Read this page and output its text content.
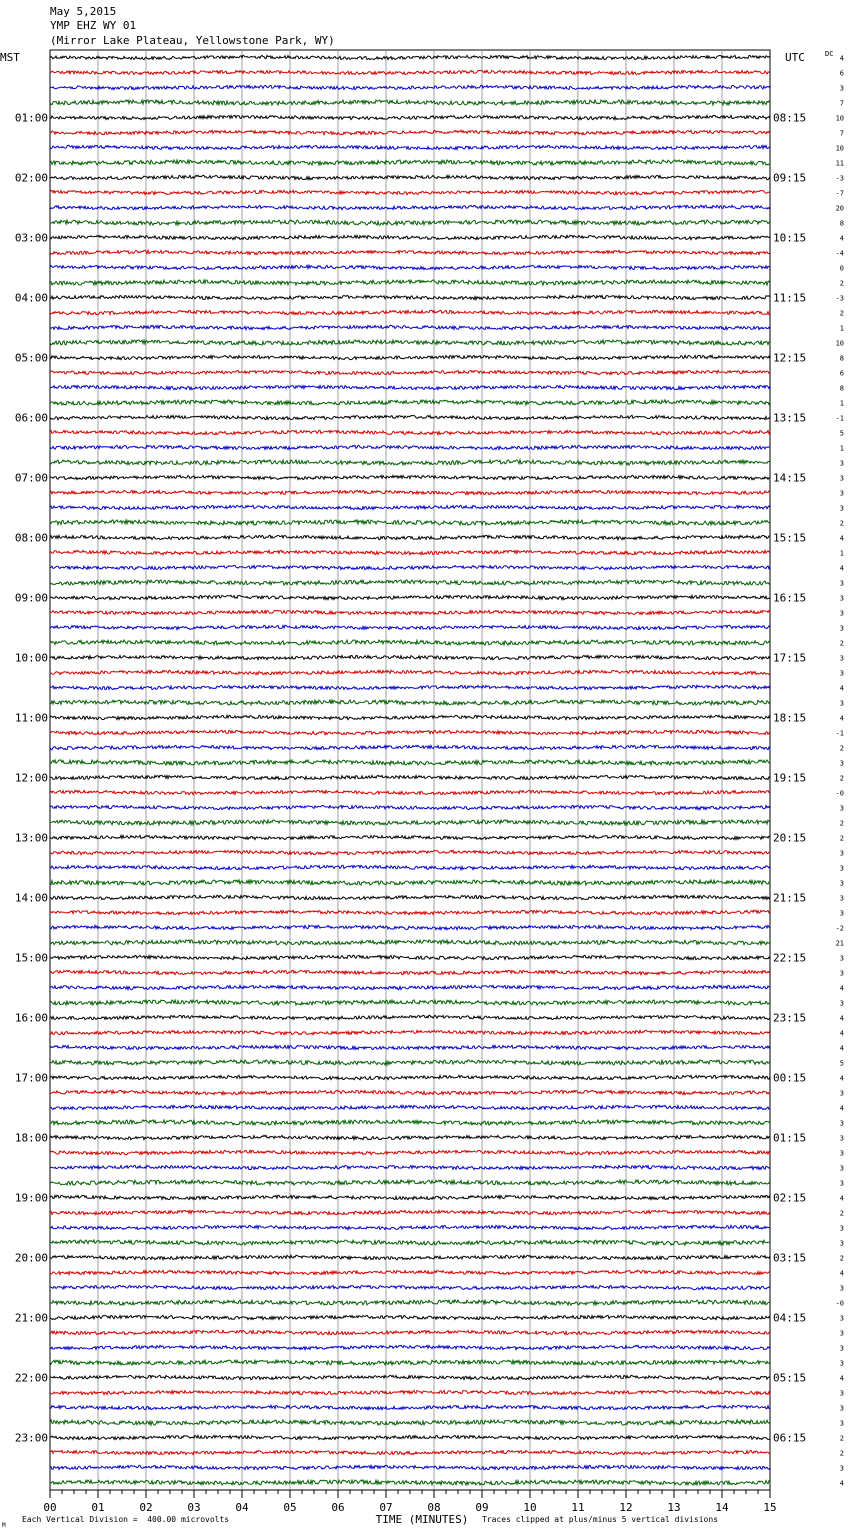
May 5,2015
YMP EHZ WY 01
(Mirror Lake Plateau, Yellowstone Park, WY)
MST	UTC	DC
01:00
02:00
03:00
04:00
05:00
06:00
07:00
08:00
09:00
10:00
11:00
12:00
13:00
14:00
15:00
16:00
17:00
18:00
19:00
20:00
21:00
22:00
23:00
08:15
09:15
10:15
11:15
12:15
13:15
14:15
15:15
16:15
17:15
18:15
19:15
20:15
21:15
22:15
23:15
00:15
01:15
02:15
03:15
04:15
05:15
06:15
4
6
3
7
10
7
10
11
-3
-7
20
8
4
-4
0
2
-3
2
1
10
8
6
8
1
-1
5
1
3
3
3
3
2
4
1
4
3
3
3
3
2
3
3
4
3
4
-1
2
3
2
-0
3
2
2
3
3
3
3
3
-2
21
3
3
4
3
4
4
4
5
4
3
4
3
3
3
3
3
4
2
3
3
2
4
3
-0
3
3
3
3
4
3
3
3
2
2
3
4
00	01	02	03	04	05	06	07	08	09	10	11	12	13	14	15
TIME (MINUTES)
M
Each Vertical Division =  400.00 microvolts	Traces clipped at plus/minus 5 vertical divisions
